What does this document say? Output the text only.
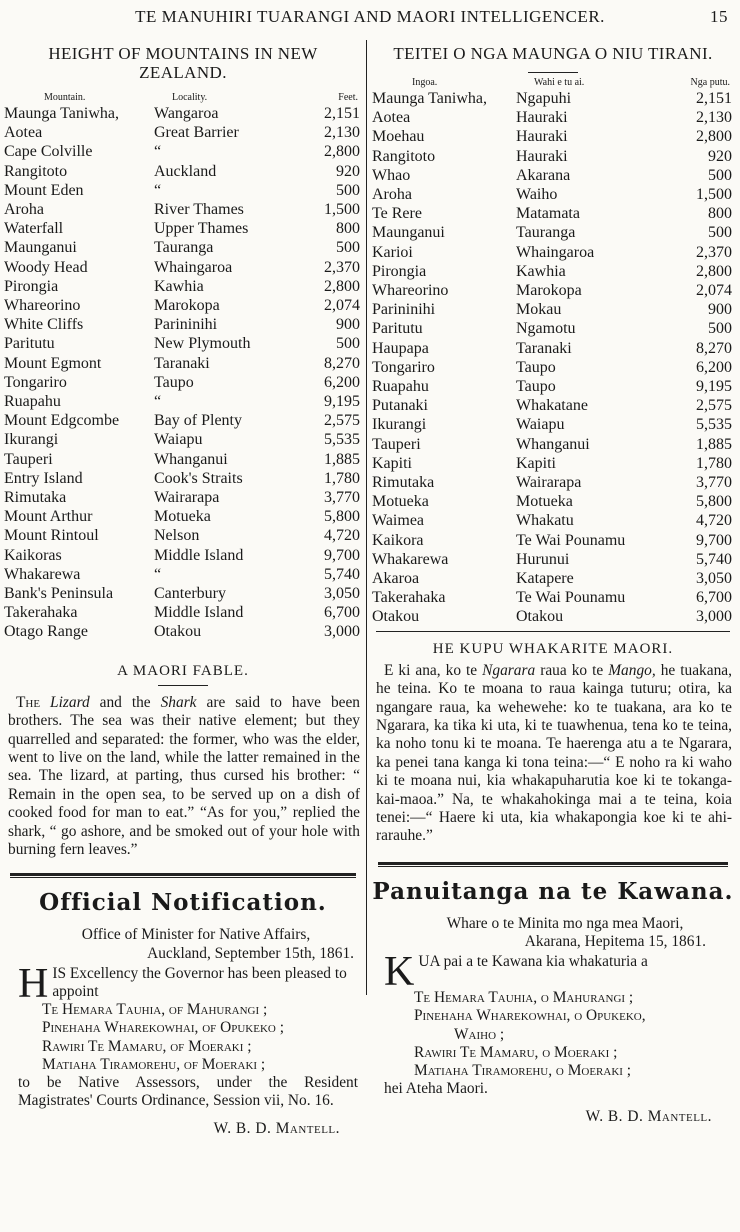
TE MANUHIRI TUARANGI AND MAORI INTELLIGENCER.	15
HEIGHT OF MOUNTAINS IN NEW ZEALAND.
Mountain.	Locality.	Feet.
Maunga Taniwha,	Wangaroa	2,151
Aotea	Great Barrier	2,130
Cape Colville	“	2,800
Rangitoto	Auckland	920
Mount Eden	“	500
Aroha	River Thames	1,500
Waterfall	Upper Thames	800
Maunganui	Tauranga	500
Woody Head	Whaingaroa	2,370
Pirongia	Kawhia	2,800
Whareorino	Marokopa	2,074
White Cliffs	Parininihi	900
Paritutu	New Plymouth	500
Mount Egmont	Taranaki	8,270
Tongariro	Taupo	6,200
Ruapahu	“	9,195
Mount Edgcombe	Bay of Plenty	2,575
Ikurangi	Waiapu	5,535
Tauperi	Whanganui	1,885
Entry Island	Cook's Straits	1,780
Rimutaka	Wairarapa	3,770
Mount Arthur	Motueka	5,800
Mount Rintoul	Nelson	4,720
Kaikoras	Middle Island	9,700
Whakarewa	“	5,740
Bank's Peninsula	Canterbury	3,050
Takerahaka	Middle Island	6,700
Otago Range	Otakou	3,000
A MAORI FABLE.
The Lizard and the Shark are said to have been brothers. The sea was their native element; but they quarrelled and separated: the former, who was the elder, went to live on the land, while the latter remained in the sea. The lizard, at parting, thus cursed his brother: “ Remain in the open sea, to be served up on a dish of cooked food for man to eat.” “As for you,” replied the shark, “ go ashore, and be smoked out of your hole with burning fern leaves.”
Official Notification.
Office of Minister for Native Affairs,
Auckland, September 15th, 1861.
H IS Excellency the Governor has been pleased to appoint
Te Hemara Tauhia, of Mahurangi ;
Pinehaha Wharekowhai, of Opukeko ;
Rawiri Te Mamaru, of Moeraki ;
Matiaha Tiramorehu, of Moeraki ;
to be Native Assessors, under the Resident Magistrates' Courts Ordinance, Session vii, No. 16.
W. B. D. Mantell.
TEITEI O NGA MAUNGA O NIU TIRANI.
Ingoa.	Wahi e tu ai.	Nga putu.
Maunga Taniwha,	Ngapuhi	2,151
Aotea	Hauraki	2,130
Moehau	Hauraki	2,800
Rangitoto	Hauraki	920
Whao	Akarana	500
Aroha	Waiho	1,500
Te Rere	Matamata	800
Maunganui	Tauranga	500
Karioi	Whaingaroa	2,370
Pirongia	Kawhia	2,800
Whareorino	Marokopa	2,074
Parininihi	Mokau	900
Paritutu	Ngamotu	500
Haupapa	Taranaki	8,270
Tongariro	Taupo	6,200
Ruapahu	Taupo	9,195
Putanaki	Whakatane	2,575
Ikurangi	Waiapu	5,535
Tauperi	Whanganui	1,885
Kapiti	Kapiti	1,780
Rimutaka	Wairarapa	3,770
Motueka	Motueka	5,800
Waimea	Whakatu	4,720
Kaikora	Te Wai Pounamu	9,700
Whakarewa	Hurunui	5,740
Akaroa	Katapere	3,050
Takerahaka	Te Wai Pounamu	6,700
Otakou	Otakou	3,000
HE KUPU WHAKARITE MAORI.
E ki ana, ko te Ngarara raua ko te Mango, he tuakana, he teina. Ko te moana to raua kainga tuturu; otira, ka ngangare raua, ka wehewehe: ko te tuakana, ara ko te Ngarara, ka tika ki uta, ki te tuawhenua, tena ko te teina, ka noho tonu ki te moana. Te haerenga atu a te Ngarara, ka penei tana kanga ki tona teina:—“ E noho ra ki waho ki te moana nui, kia whakapuharutia koe ki te tokanga-kai-maoa.” Na, te whakahokinga mai a te teina, koia tenei:—“ Haere ki uta, kia whakapongia koe ki te ahi-rarauhe.”
Panuitanga na te Kawana.
Whare o te Minita mo nga mea Maori,
Akarana, Hepitema 15, 1861.
K UA pai a te Kawana kia whakaturia a
Te Hemara Tauhia, o Mahurangi ;
Pinehaha Wharekowhai, o Opukeko,
Waiho ;
Rawiri Te Mamaru, o Moeraki ;
Matiaha Tiramorehu, o Moeraki ;
hei Ateha Maori.
W. B. D. Mantell.
